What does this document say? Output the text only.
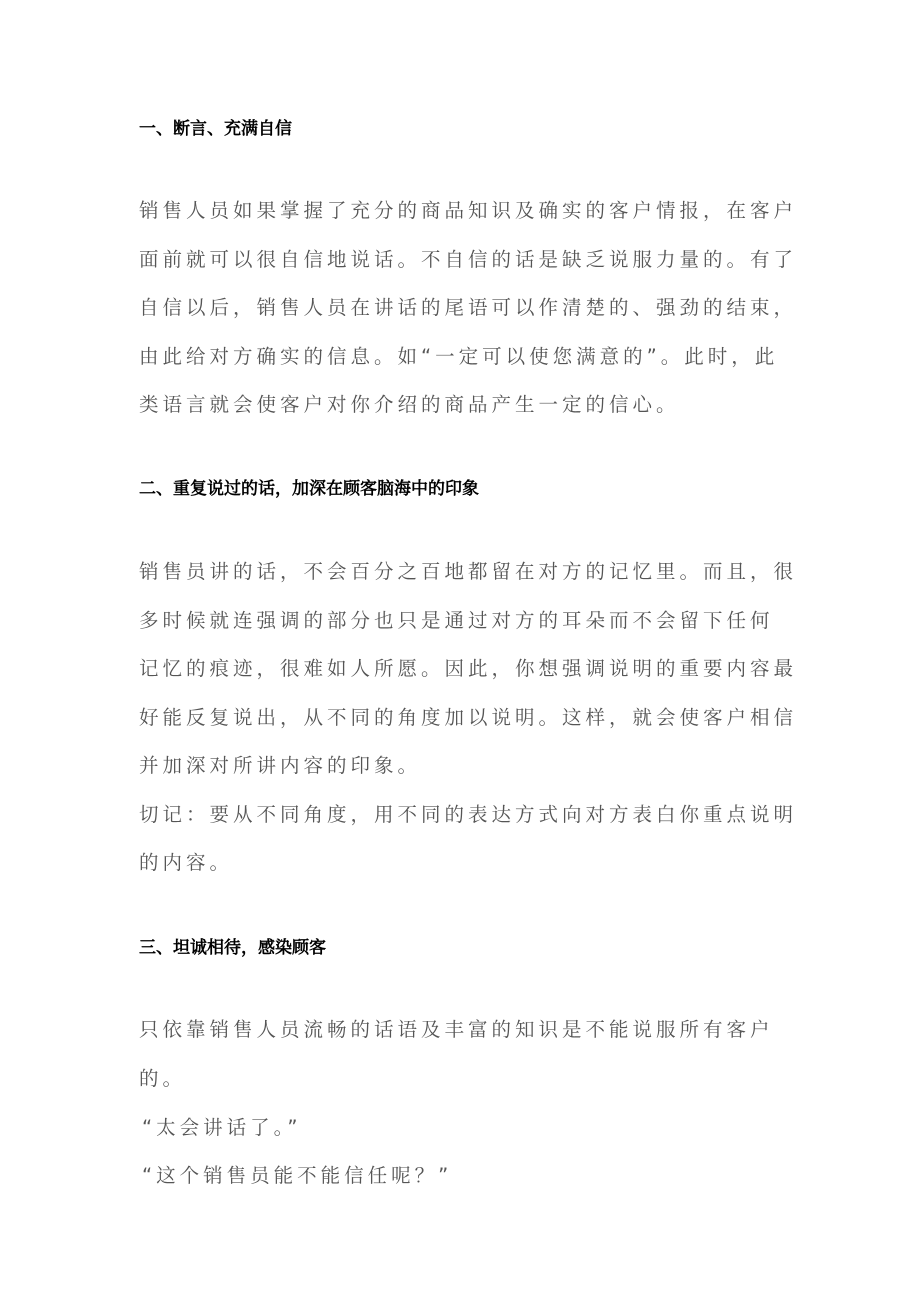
一、断言、充满自信
销售人员如果掌握了充分的商品知识及确实的客户情报，在客户
面前就可以很自信地说话。不自信的话是缺乏说服力量的。有了
自信以后，销售人员在讲话的尾语可以作清楚的、强劲的结束，
由此给对方确实的信息。如“一定可以使您满意的”。此时，此
类语言就会使客户对你介绍的商品产生一定的信心。
二、重复说过的话，加深在顾客脑海中的印象
销售员讲的话，不会百分之百地都留在对方的记忆里。而且，很
多时候就连强调的部分也只是通过对方的耳朵而不会留下任何
记忆的痕迹，很难如人所愿。因此，你想强调说明的重要内容最
好能反复说出，从不同的角度加以说明。这样，就会使客户相信
并加深对所讲内容的印象。
切记：要从不同角度，用不同的表达方式向对方表白你重点说明
的内容。
三、坦诚相待，感染顾客
只依靠销售人员流畅的话语及丰富的知识是不能说服所有客户
的。
“太会讲话了。”
“这个销售员能不能信任呢？”
